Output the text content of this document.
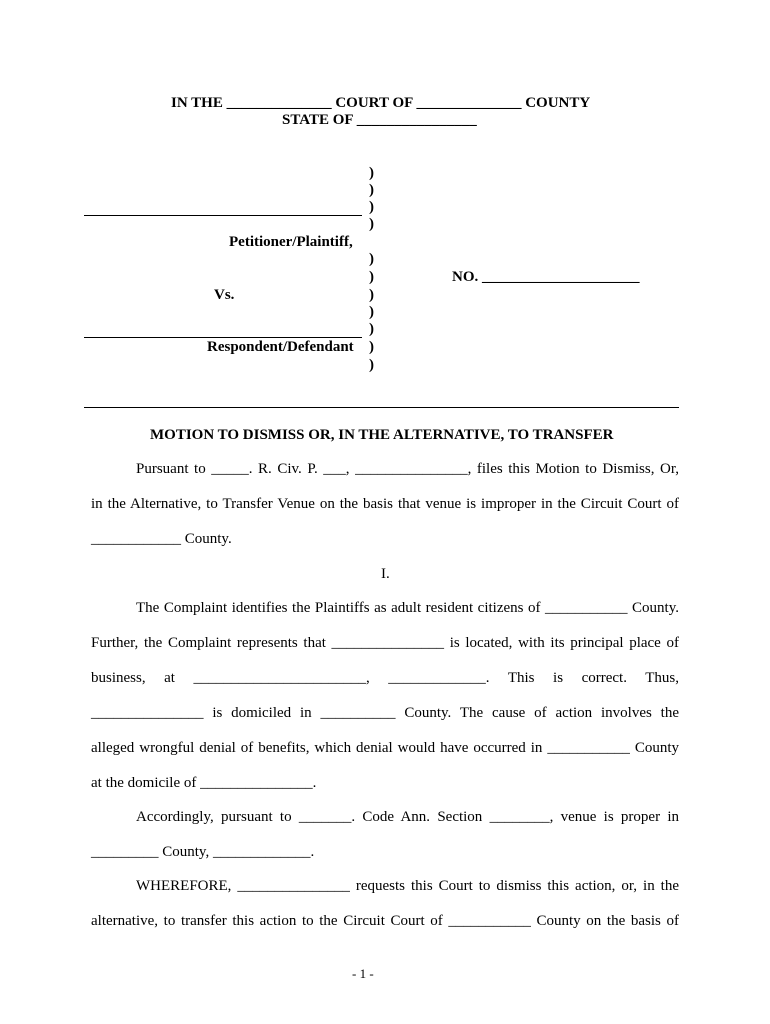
IN THE ______________ COURT OF ______________ COUNTY
STATE OF ________________
)
)
)
)
Petitioner/Plaintiff,
)
)	NO. _____________________
Vs.	)
)
)
Respondent/Defendant )
)
MOTION TO DISMISS OR, IN THE ALTERNATIVE, TO TRANSFER
Pursuant to _____. R. Civ. P. ___, _______________, files this Motion to Dismiss, Or,
in the Alternative, to Transfer Venue on the basis that venue is improper in the Circuit Court of
____________ County.
I.
The Complaint identifies the Plaintiffs as adult resident citizens of ___________ County.
Further, the Complaint represents that _______________ is located, with its principal place of
business, at _______________________, _____________. This is correct. Thus,
_______________ is domiciled in __________ County. The cause of action involves the
alleged wrongful denial of benefits, which denial would have occurred in ___________ County
at the domicile of _______________.
Accordingly, pursuant to _______. Code Ann. Section ________, venue is proper in
_________ County, _____________.
WHEREFORE, _______________ requests this Court to dismiss this action, or, in the
alternative, to transfer this action to the Circuit Court of ___________ County on the basis of
- 1 -
